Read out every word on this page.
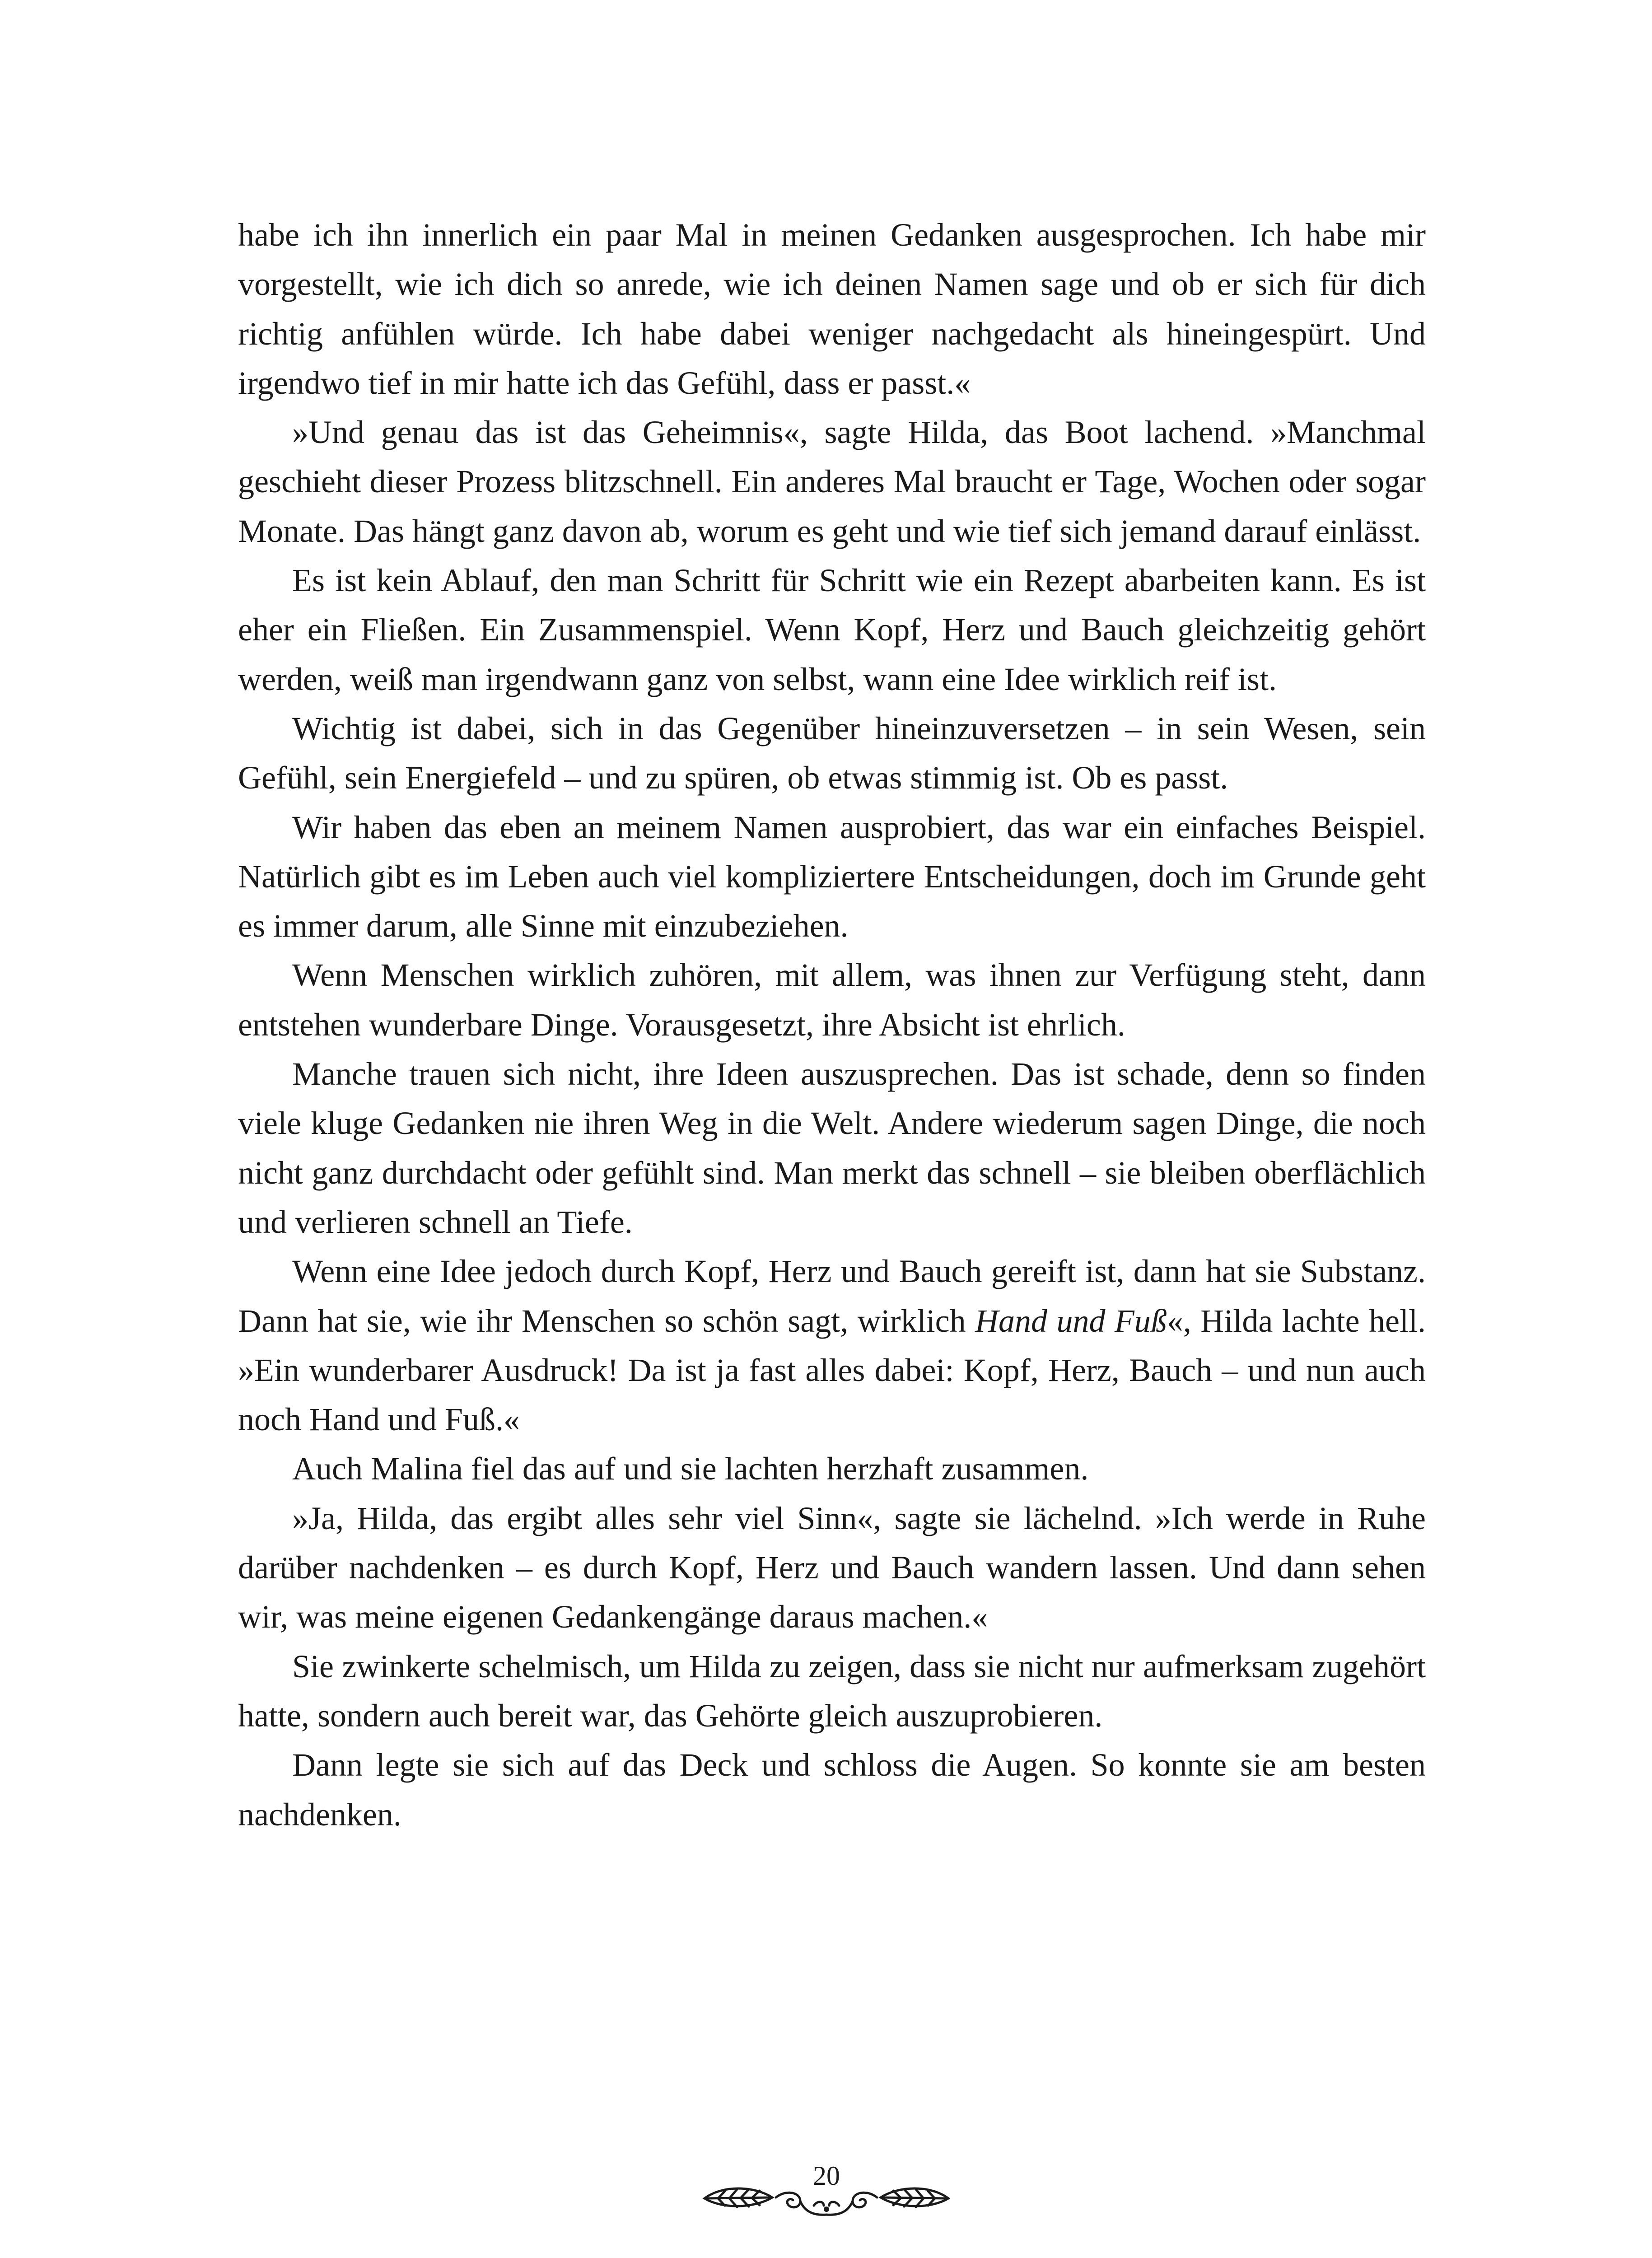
habe ich ihn innerlich ein paar Mal in meinen Gedanken ausgesprochen. Ich habe mir vorgestellt, wie ich dich so anrede, wie ich deinen Namen sage und ob er sich für dich richtig anfühlen würde. Ich habe dabei weniger nachgedacht als hineingespürt. Und irgendwo tief in mir hatte ich das Gefühl, dass er passt.«

»Und genau das ist das Geheimnis«, sagte Hilda, das Boot lachend. »Manchmal geschieht dieser Prozess blitzschnell. Ein anderes Mal braucht er Tage, Wochen oder sogar Monate. Das hängt ganz davon ab, worum es geht und wie tief sich jemand darauf einlässt.

Es ist kein Ablauf, den man Schritt für Schritt wie ein Rezept abarbeiten kann. Es ist eher ein Fließen. Ein Zusammenspiel. Wenn Kopf, Herz und Bauch gleichzeitig gehört werden, weiß man irgendwann ganz von selbst, wann eine Idee wirklich reif ist.

Wichtig ist dabei, sich in das Gegenüber hineinzuversetzen – in sein Wesen, sein Gefühl, sein Energiefeld – und zu spüren, ob etwas stimmig ist. Ob es passt.

Wir haben das eben an meinem Namen ausprobiert, das war ein einfaches Beispiel. Natürlich gibt es im Leben auch viel kompliziertere Entscheidungen, doch im Grunde geht es immer darum, alle Sinne mit einzubeziehen.

Wenn Menschen wirklich zuhören, mit allem, was ihnen zur Verfügung steht, dann entstehen wunderbare Dinge. Vorausgesetzt, ihre Absicht ist ehrlich.

Manche trauen sich nicht, ihre Ideen auszusprechen. Das ist schade, denn so finden viele kluge Gedanken nie ihren Weg in die Welt. Andere wiederum sagen Dinge, die noch nicht ganz durchdacht oder gefühlt sind. Man merkt das schnell – sie bleiben oberflächlich und verlieren schnell an Tiefe.

Wenn eine Idee jedoch durch Kopf, Herz und Bauch gereift ist, dann hat sie Substanz. Dann hat sie, wie ihr Menschen so schön sagt, wirklich Hand und Fuß«, Hilda lachte hell. »Ein wunderbarer Ausdruck! Da ist ja fast alles dabei: Kopf, Herz, Bauch – und nun auch noch Hand und Fuß.«

Auch Malina fiel das auf und sie lachten herzhaft zusammen.

»Ja, Hilda, das ergibt alles sehr viel Sinn«, sagte sie lächelnd. »Ich werde in Ruhe darüber nachdenken – es durch Kopf, Herz und Bauch wandern lassen. Und dann sehen wir, was meine eigenen Gedankengänge daraus machen.«

Sie zwinkerte schelmisch, um Hilda zu zeigen, dass sie nicht nur aufmerksam zugehört hatte, sondern auch bereit war, das Gehörte gleich auszuprobieren.

Dann legte sie sich auf das Deck und schloss die Augen. So konnte sie am besten nachdenken.

20
